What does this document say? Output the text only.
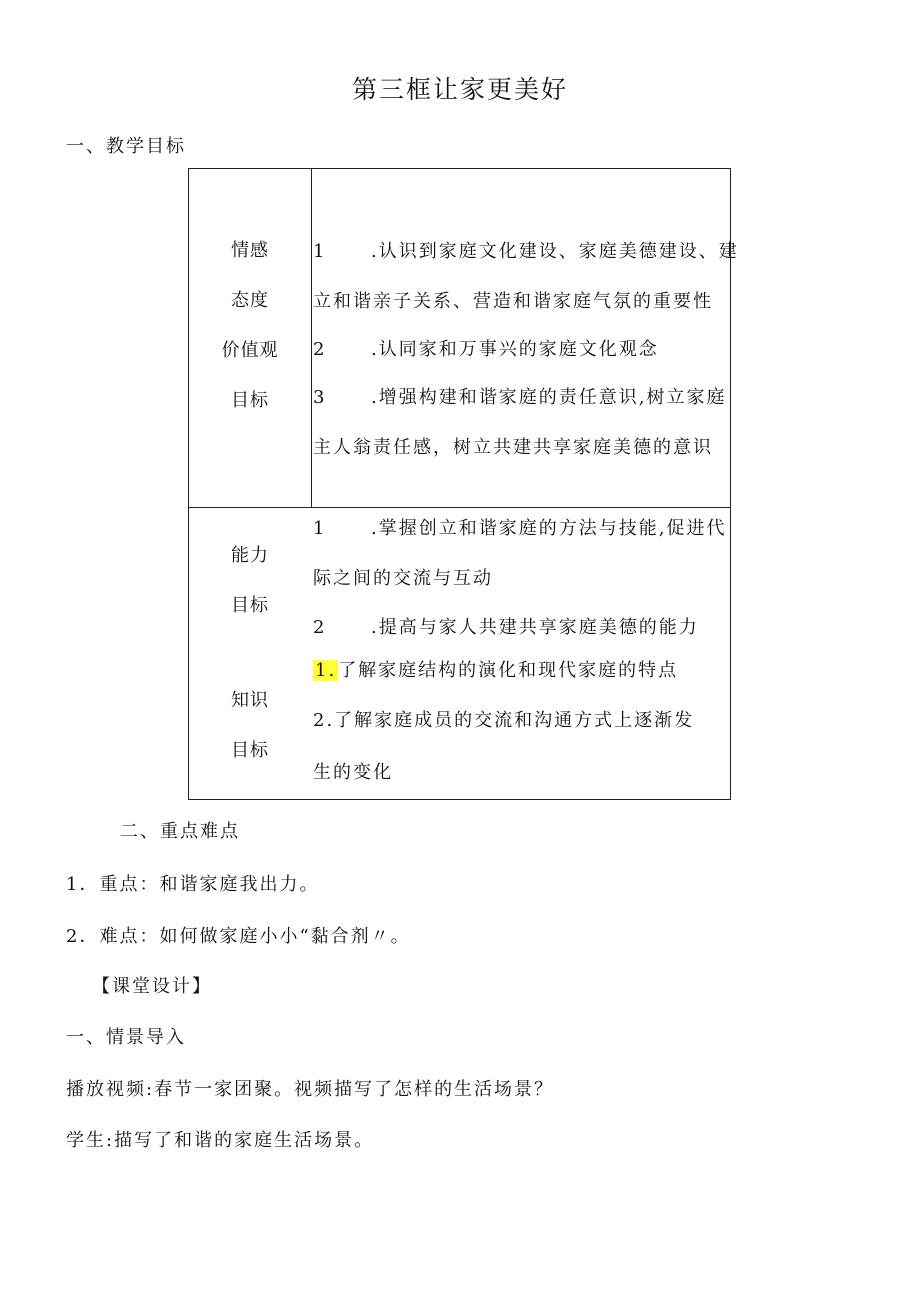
第三框让家更美好

一、教学目标

情感
态度
价值观
目标
1 .认识到家庭文化建设、家庭美德建设、建
立和谐亲子关系、营造和谐家庭气氛的重要性
2 .认同家和万事兴的家庭文化观念
3 .增强构建和谐家庭的责任意识,树立家庭
主人翁责任感，树立共建共享家庭美德的意识
能力
目标
1 .掌握创立和谐家庭的方法与技能,促进代
际之间的交流与互动
2 .提高与家人共建共享家庭美德的能力
知识
目标
1. 了解家庭结构的演化和现代家庭的特点
2.了解家庭成员的交流和沟通方式上逐渐发
生的变化

二、重点难点

1．重点：和谐家庭我出力。

2．难点：如何做家庭小小“黏合剂〃。

【课堂设计】

一、情景导入

播放视频:春节一家团聚。视频描写了怎样的生活场景？

学生:描写了和谐的家庭生活场景。
